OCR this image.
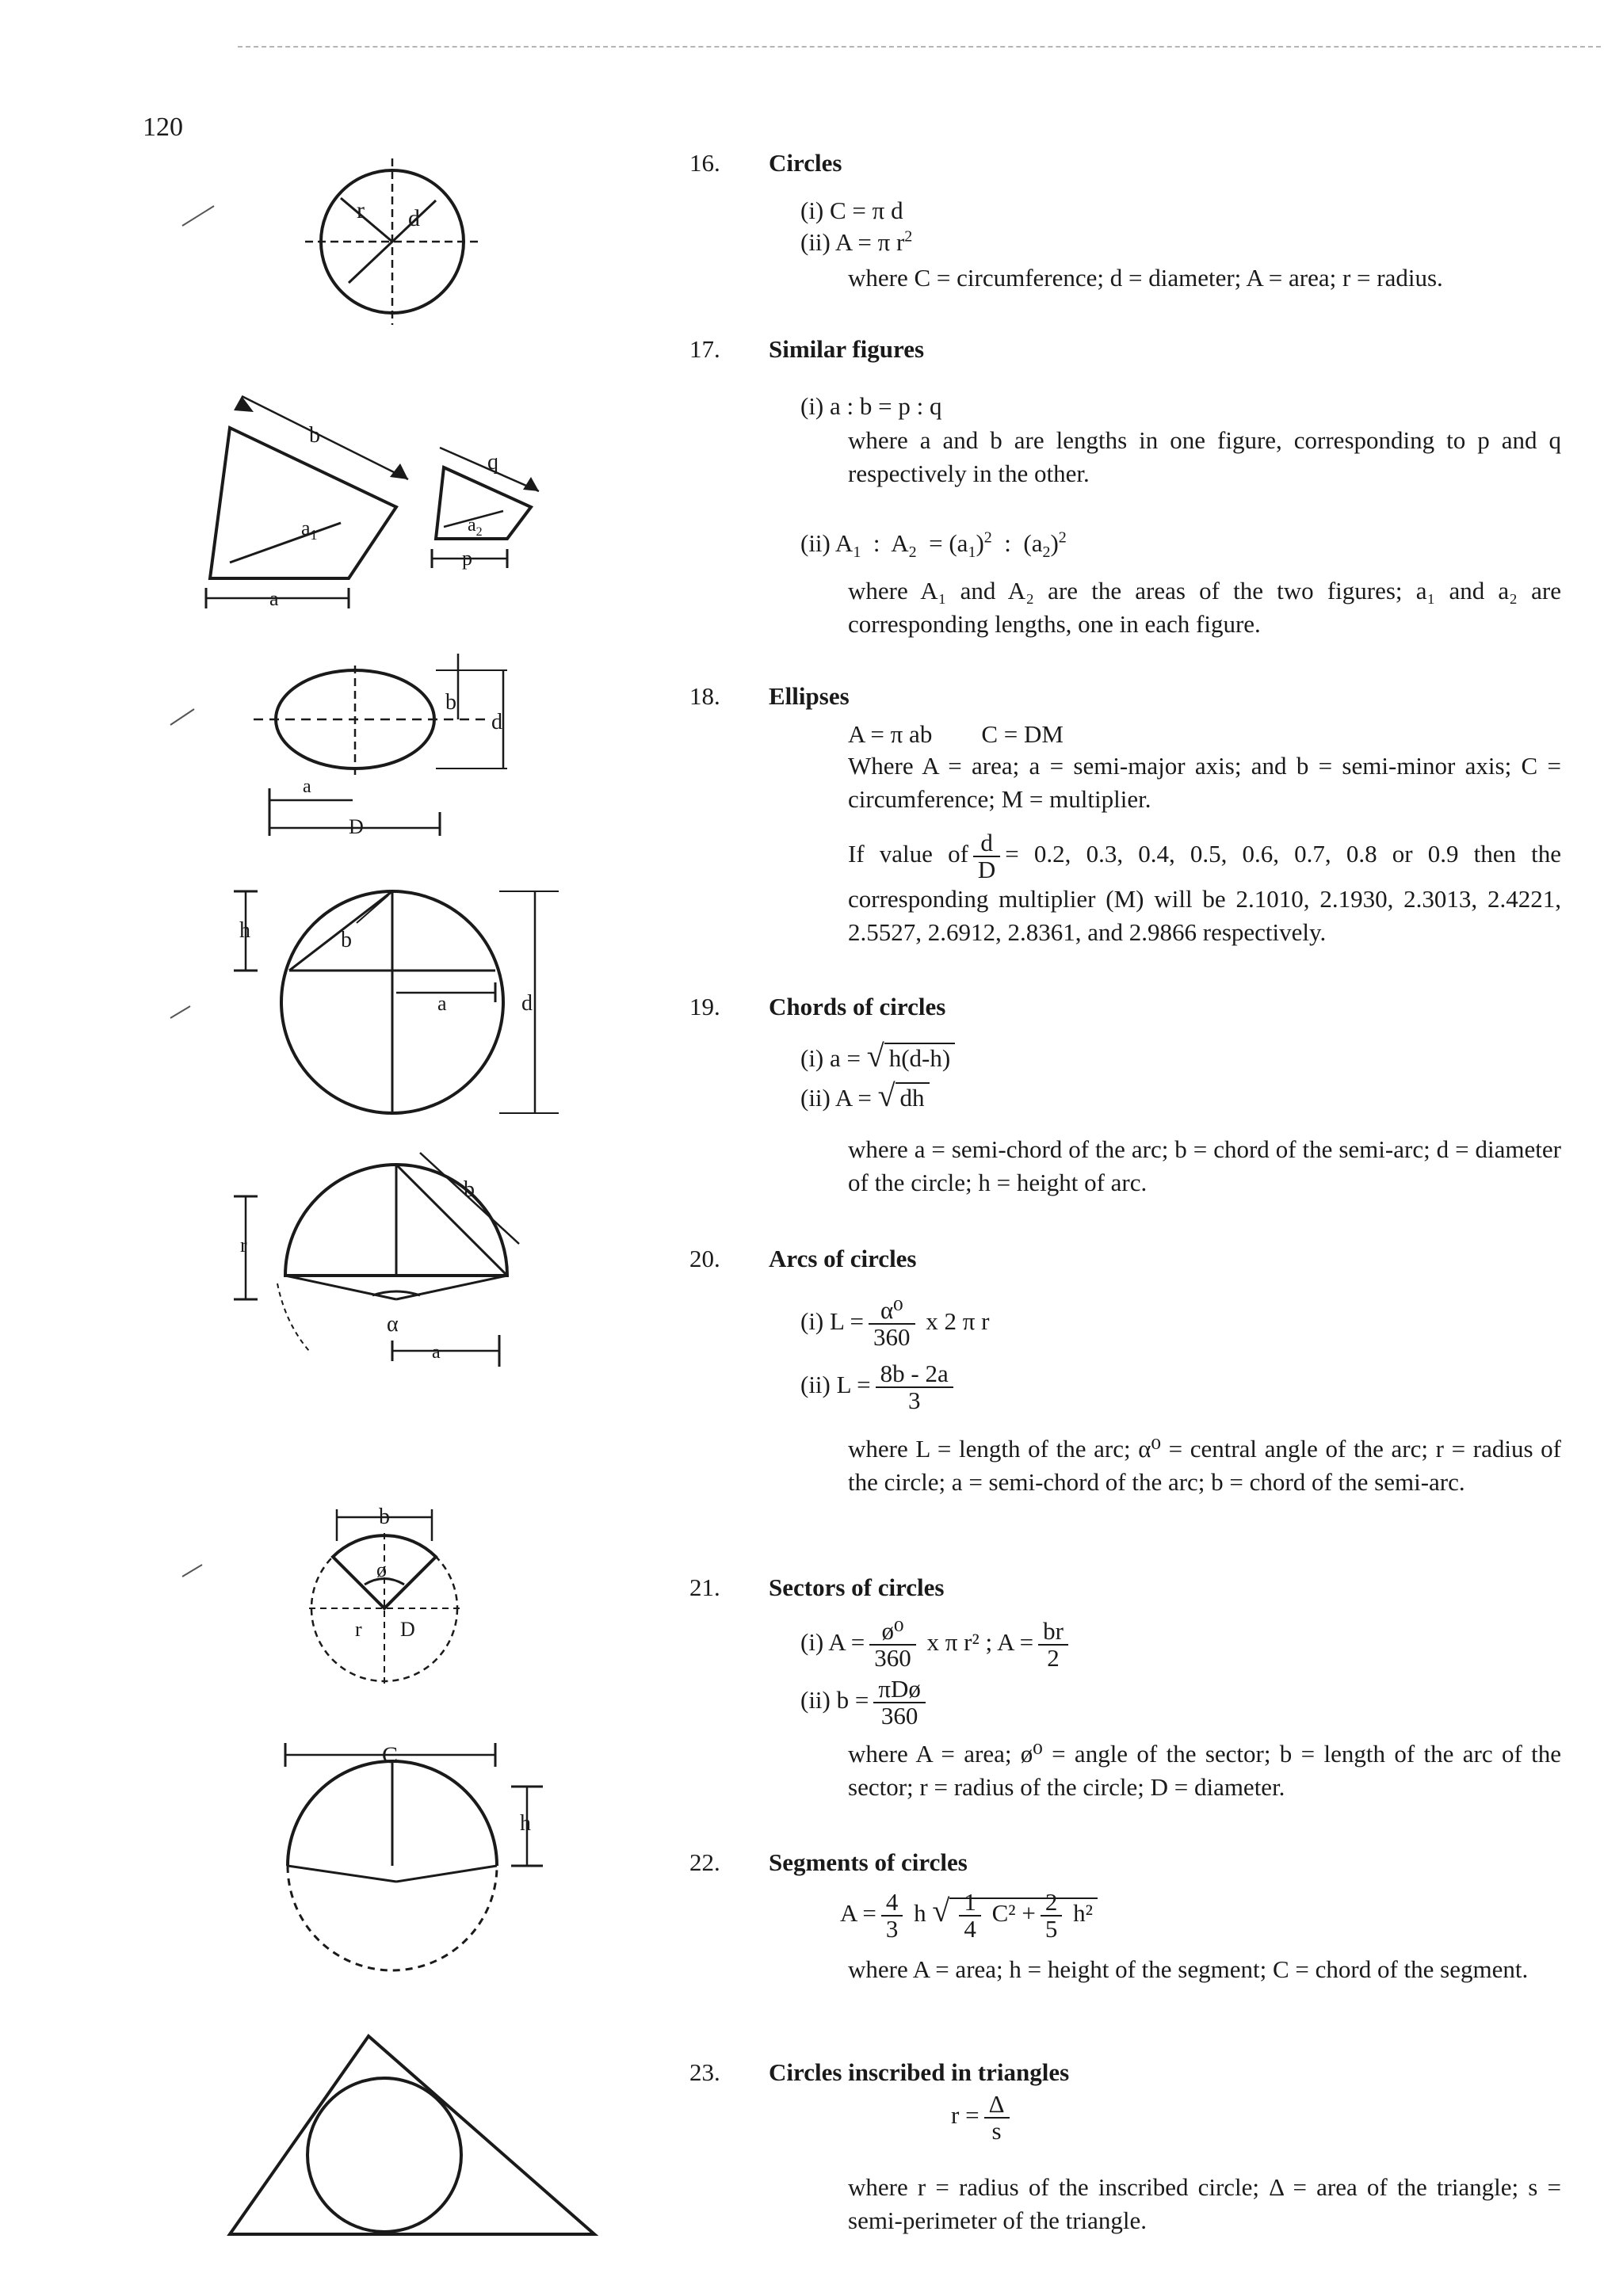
120
r d
b
$a_1$
a
q
$a_2$
p
b
d
a
D
h	b
a	d
b
r
α
a
b
ø
r D
C
h
16. Circles
(i) C = π d
(ii) A = π $r^2$
where C = circumference; d = diameter; A = area; r = radius.
17. Similar figures
(i) a : b = p : q
where a and b are lengths in one figure, corresponding to p and q respectively in the other.
(ii) $A_1$  :  $A_2 = (a_1)^2$  :  $(a_2)^2$
where A₁ and A₂ are the areas of the two figures; a₁ and a₂ are corresponding lengths, one in each figure.
18. Ellipses
A = π ab        C = DM
Where A = area; a = semi-major axis; and b = semi-minor axis; C = circumference; M = multiplier.
If value of $\frac{d}{D} = 0.2$, 0.3, 0.4, 0.5, 0.6, 0.7, 0.8 or 0.9 then the corresponding multiplier (M) will be 2.1010, 2.1930, 2.3013, 2.4221, 2.5527, 2.6912, 2.8361, and 2.9866 respectively.
19. Chords of circles
(i) a = √ h(d-h)
(ii) A = √ dh
where a = semi-chord of the arc; b = chord of the semi-arc; d = diameter of the circle; h = height of arc.
20. Arcs of circles
(i) $L = \frac{\text{α⁰}}{360}$ x 2 π r
(ii) $L = \frac{8b - 2a}{3}$
where L = length of the arc; α⁰ = central angle of the arc; r = radius of the circle; a = semi-chord of the arc; b = chord of the semi-arc.
21. Sectors of circles
(i) $A = \frac{\text{ø⁰}}{360}$ x π r² ; $A = \frac{br}{2}$
(ii) $b = \frac{\text{πDø}}{360}$
where A = area; ø⁰ = angle of the sector; b = length of the arc of the sector; r = radius of the circle; D = diameter.
22. Segments of circles
$A = \frac{4}{3}$ h √ $\frac{1}{4} C^2 + \frac{2}{5} h^2$
where A = area; h = height of the segment; C = chord of the segment.
23. Circles inscribed in triangles
$r = \frac{\Delta}{s}$
where r = radius of the inscribed circle; Δ = area of the triangle; s = semi-perimeter of the triangle.
